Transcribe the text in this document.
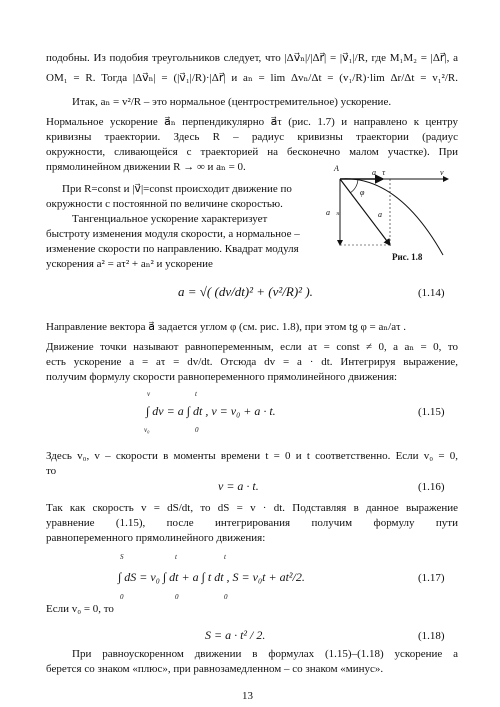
подобны. Из подобия треугольников следует, что |Δv⃗ₙ|/|Δr⃗| = |v⃗₁|/R, где M₁M₂ = |Δr⃗|, а
OM₁ = R. Тогда |Δv⃗ₙ| = (|v⃗₁|/R)·|Δr⃗| и aₙ = lim Δvₙ/Δt = (v₁/R)·lim Δr/Δt = v₁²/R.
Итак, aₙ = v²/R – это нормальное (центростремительное) ускорение.
Нормальное ускорение a⃗ₙ перпендикулярно a⃗τ (рис. 1.7) и направлено к центру
кривизны траектории. Здесь R – радиус кривизны траектории (радиус
окружности, сливающейся с траекторией на бесконечно малом участке). При
прямолинейном движении R → ∞ и aₙ = 0.
При R=const и |v⃗|=const происходит движение по
окружности с постоянной по величине скоростью.
Тангенциальное ускорение характеризует
быстроту изменения модуля скорости, а нормальное –
изменение скорости по направлению. Квадрат модуля
ускорения a² = aτ² + aₙ² и ускорение
A	a⃗τ	v⃗
φ
a⃗
a⃗ₙ
Рис. 1.8
a = √( (dv/dt)² + (v²/R)² ).	(1.14)
Направление вектора a⃗ задается углом φ (см. рис. 1.8), при этом tg φ = aₙ/aτ .
Движение точки называют равнопеременным, если aτ = const ≠ 0, а aₙ = 0, то
есть ускорение a = aτ = dv/dt. Отсюда dv = a · dt. Интегрируя выражение,
получим формулу скорости равнопеременного прямолинейного движения:
v
v₀
t
0
∫ dv = a ∫ dt , v = v₀ + a · t.	(1.15)
Здесь v₀, v – скорости в моменты времени t = 0 и t соответственно. Если v₀ = 0,
то
v = a · t.	(1.16)
Так как скорость v = dS/dt, то dS = v · dt. Подставляя в данное выражение
уравнение (1.15), после интегрирования получим формулу пути
равнопеременного прямолинейного движения:
S
0
t
0
t
0
∫ dS = v₀ ∫ dt + a ∫ t dt , S = v₀t + at²/2.	(1.17)
Если v₀ = 0, то
S = a · t² / 2.	(1.18)
При равноускоренном движении в формулах (1.15)–(1.18) ускорение a
берется со знаком «плюс», при равнозамедленном – со знаком «минус».
13
